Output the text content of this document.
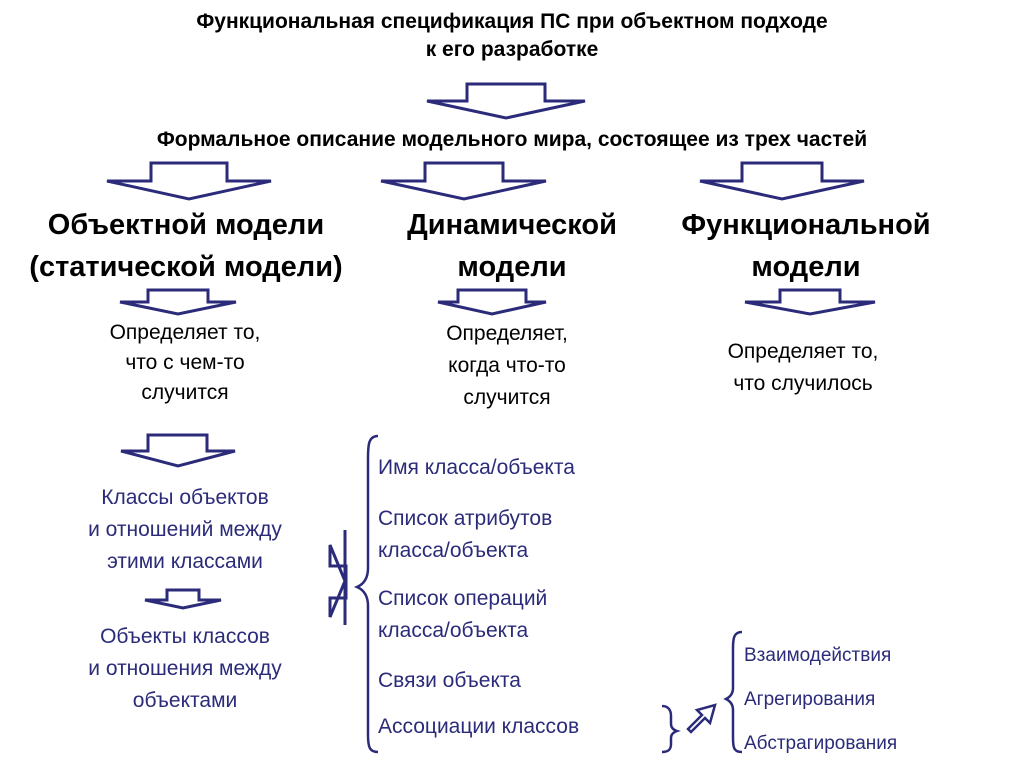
Функциональная спецификация ПС при объектном подходе
к его разработке
Формальное описание модельного мира, состоящее из трех частей
Объектной модели
(статической модели)
Динамической
модели
Функциональной
модели
Определяет то,
что с чем-то
случится
Определяет,
когда что-то
случится
Определяет то,
что случилось
Классы объектов
и отношений между
этими классами
Объекты классов
и отношения между
объектами
Имя класса/объекта
Список атрибутов
класса/объекта
Список операций
класса/объекта
Связи объекта
Ассоциации классов
Взаимодействия
Агрегирования
Абстрагирования
